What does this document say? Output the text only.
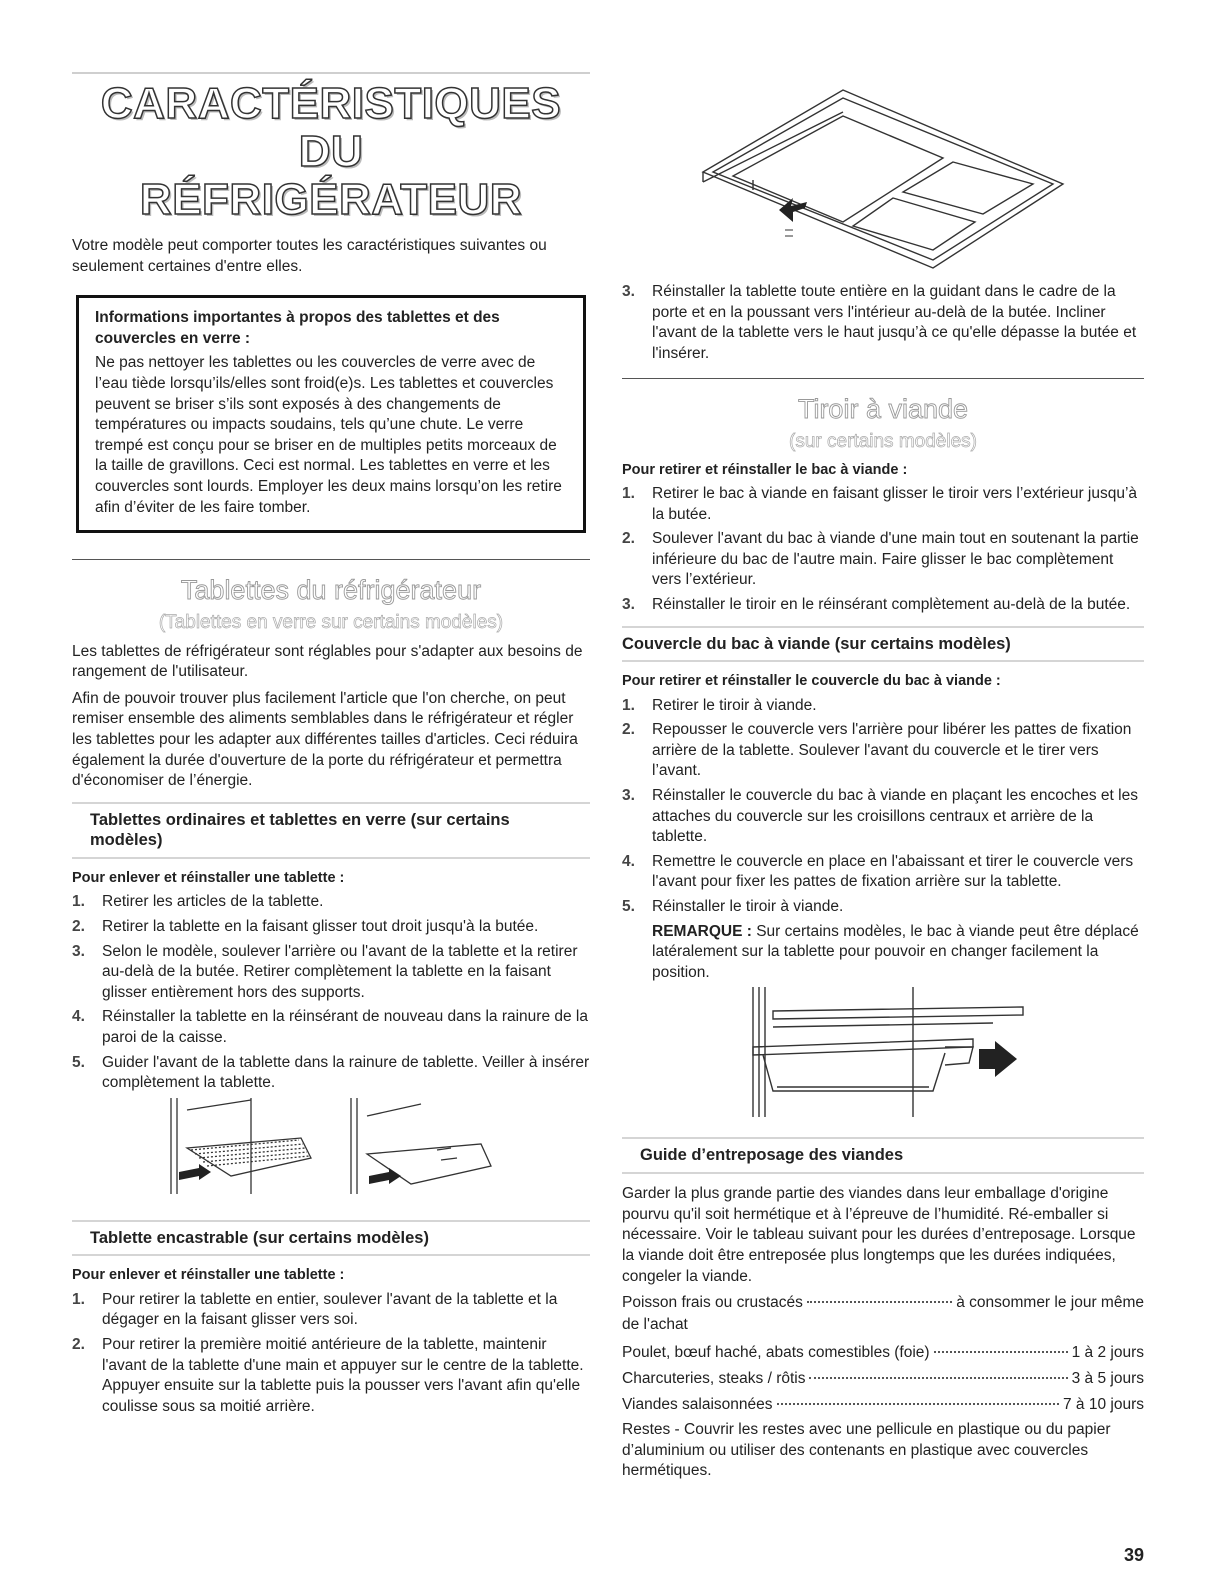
CARACTÉRISTIQUES DU
RÉFRIGÉRATEUR

Votre modèle peut comporter toutes les caractéristiques suivantes ou seulement certaines d'entre elles.

Informations importantes à propos des tablettes et des couvercles en verre :
Ne pas nettoyer les tablettes ou les couvercles de verre avec de l’eau tiède lorsqu’ils/elles sont froid(e)s. Les tablettes et couvercles peuvent se briser s’ils sont exposés à des changements de températures ou impacts soudains, tels qu’une chute. Le verre trempé est conçu pour se briser en de multiples petits morceaux de la taille de gravillons. Ceci est normal. Les tablettes en verre et les couvercles sont lourds. Employer les deux mains lorsqu’on les retire afin d’éviter de les faire tomber.
Tablettes du réfrigérateur
(Tablettes en verre sur certains modèles)

Les tablettes de réfrigérateur sont réglables pour s'adapter aux besoins de rangement de l'utilisateur.

Afin de pouvoir trouver plus facilement l'article que l'on cherche, on peut remiser ensemble des aliments semblables dans le réfrigérateur et régler les tablettes pour les adapter aux différentes tailles d'articles. Ceci réduira également la durée d'ouverture de la porte du réfrigérateur et permettra d'économiser de l’énergie.

Tablettes ordinaires et tablettes en verre (sur certains modèles)
Pour enlever et réinstaller une tablette :
1. Retirer les articles de la tablette.
2. Retirer la tablette en la faisant glisser tout droit jusqu'à la butée.
3. Selon le modèle, soulever l'arrière ou l'avant de la tablette et la retirer au-delà de la butée. Retirer complètement la tablette en la faisant glisser entièrement hors des supports.
4. Réinstaller la tablette en la réinsérant de nouveau dans la rainure de la paroi de la caisse.
5. Guider l'avant de la tablette dans la rainure de tablette. Veiller à insérer complètement la tablette.
Tablette encastrable (sur certains modèles)
Pour enlever et réinstaller une tablette :
1. Pour retirer la tablette en entier, soulever l'avant de la tablette et la dégager en la faisant glisser vers soi.
2. Pour retirer la première moitié antérieure de la tablette, maintenir l'avant de la tablette d'une main et appuyer sur le centre de la tablette. Appuyer ensuite sur la tablette puis la pousser vers l'avant afin qu'elle coulisse sous sa moitié arrière.
3. Réinstaller la tablette toute entière en la guidant dans le cadre de la porte et en la poussant vers l'intérieur au-delà de la butée. Incliner l'avant de la tablette vers le haut jusqu’à ce qu'elle dépasse la butée et l'insérer.
Tiroir à viande
(sur certains modèles)
Pour retirer et réinstaller le bac à viande :
1. Retirer le bac à viande en faisant glisser le tiroir vers l’extérieur jusqu’à la butée.
2. Soulever l'avant du bac à viande d'une main tout en soutenant la partie inférieure du bac de l'autre main. Faire glisser le bac complètement vers l’extérieur.
3. Réinstaller le tiroir en le réinsérant complètement au-delà de la butée.
Couvercle du bac à viande (sur certains modèles)
Pour retirer et réinstaller le couvercle du bac à viande :
1. Retirer le tiroir à viande.
2. Repousser le couvercle vers l'arrière pour libérer les pattes de fixation arrière de la tablette. Soulever l'avant du couvercle et le tirer vers l’avant.
3. Réinstaller le couvercle du bac à viande en plaçant les encoches et les attaches du couvercle sur les croisillons centraux et arrière de la tablette.
4. Remettre le couvercle en place en l'abaissant et tirer le couvercle vers l'avant pour fixer les pattes de fixation arrière sur la tablette.
5. Réinstaller le tiroir à viande.
REMARQUE : Sur certains modèles, le bac à viande peut être déplacé latéralement sur la tablette pour pouvoir en changer facilement la position.
Guide d’entreposage des viandes

Garder la plus grande partie des viandes dans leur emballage d'origine pourvu qu'il soit hermétique et à l’épreuve de l’humidité. Ré-emballer si nécessaire. Voir le tableau suivant pour les durées d’entreposage. Lorsque la viande doit être entreposée plus longtemps que les durées indiquées, congeler la viande.

Poisson frais ou crustacés	à consommer le jour même
de l'achat
Poulet, bœuf haché, abats comestibles (foie)	1 à 2 jours
Charcuteries, steaks / rôtis	3 à 5 jours
Viandes salaisonnées	7 à 10 jours

Restes - Couvrir les restes avec une pellicule en plastique ou du papier d’aluminium ou utiliser des contenants en plastique avec couvercles hermétiques.

39
